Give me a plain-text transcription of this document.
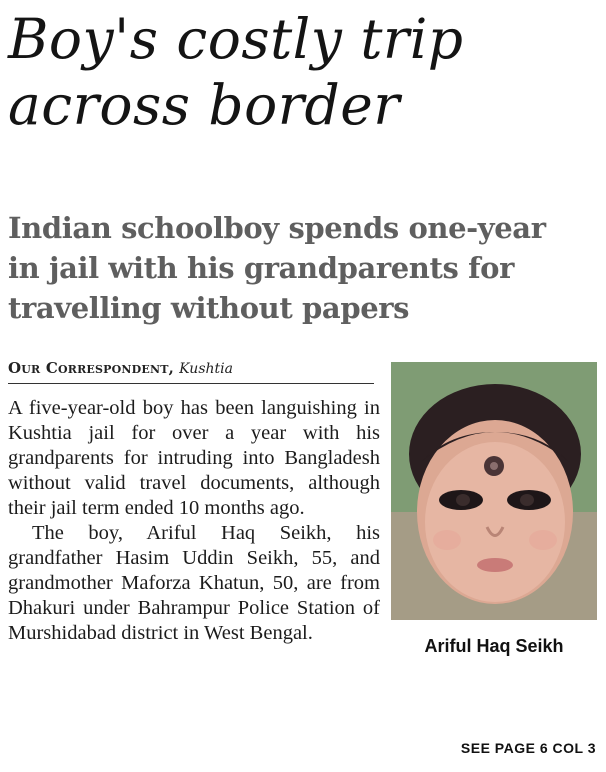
Boy's costly trip
across border
Indian schoolboy spends one-year
in jail with his grandparents for
travelling without papers
Our Correspondent, Kushtia
Ariful Haq Seikh

A five-year-old boy has been languishing in Kushtia jail for over a year with his grandparents for intruding into Bangladesh without valid travel documents, although their jail term ended 10 months ago.

The boy, Ariful Haq Seikh, his grandfather Hasim Uddin Seikh, 55, and grandmother Maforza Khatun, 50, are from Dhakuri under Bahrampur Police Station of Murshidabad district in West Bengal.

SEE PAGE 6 COL 3
